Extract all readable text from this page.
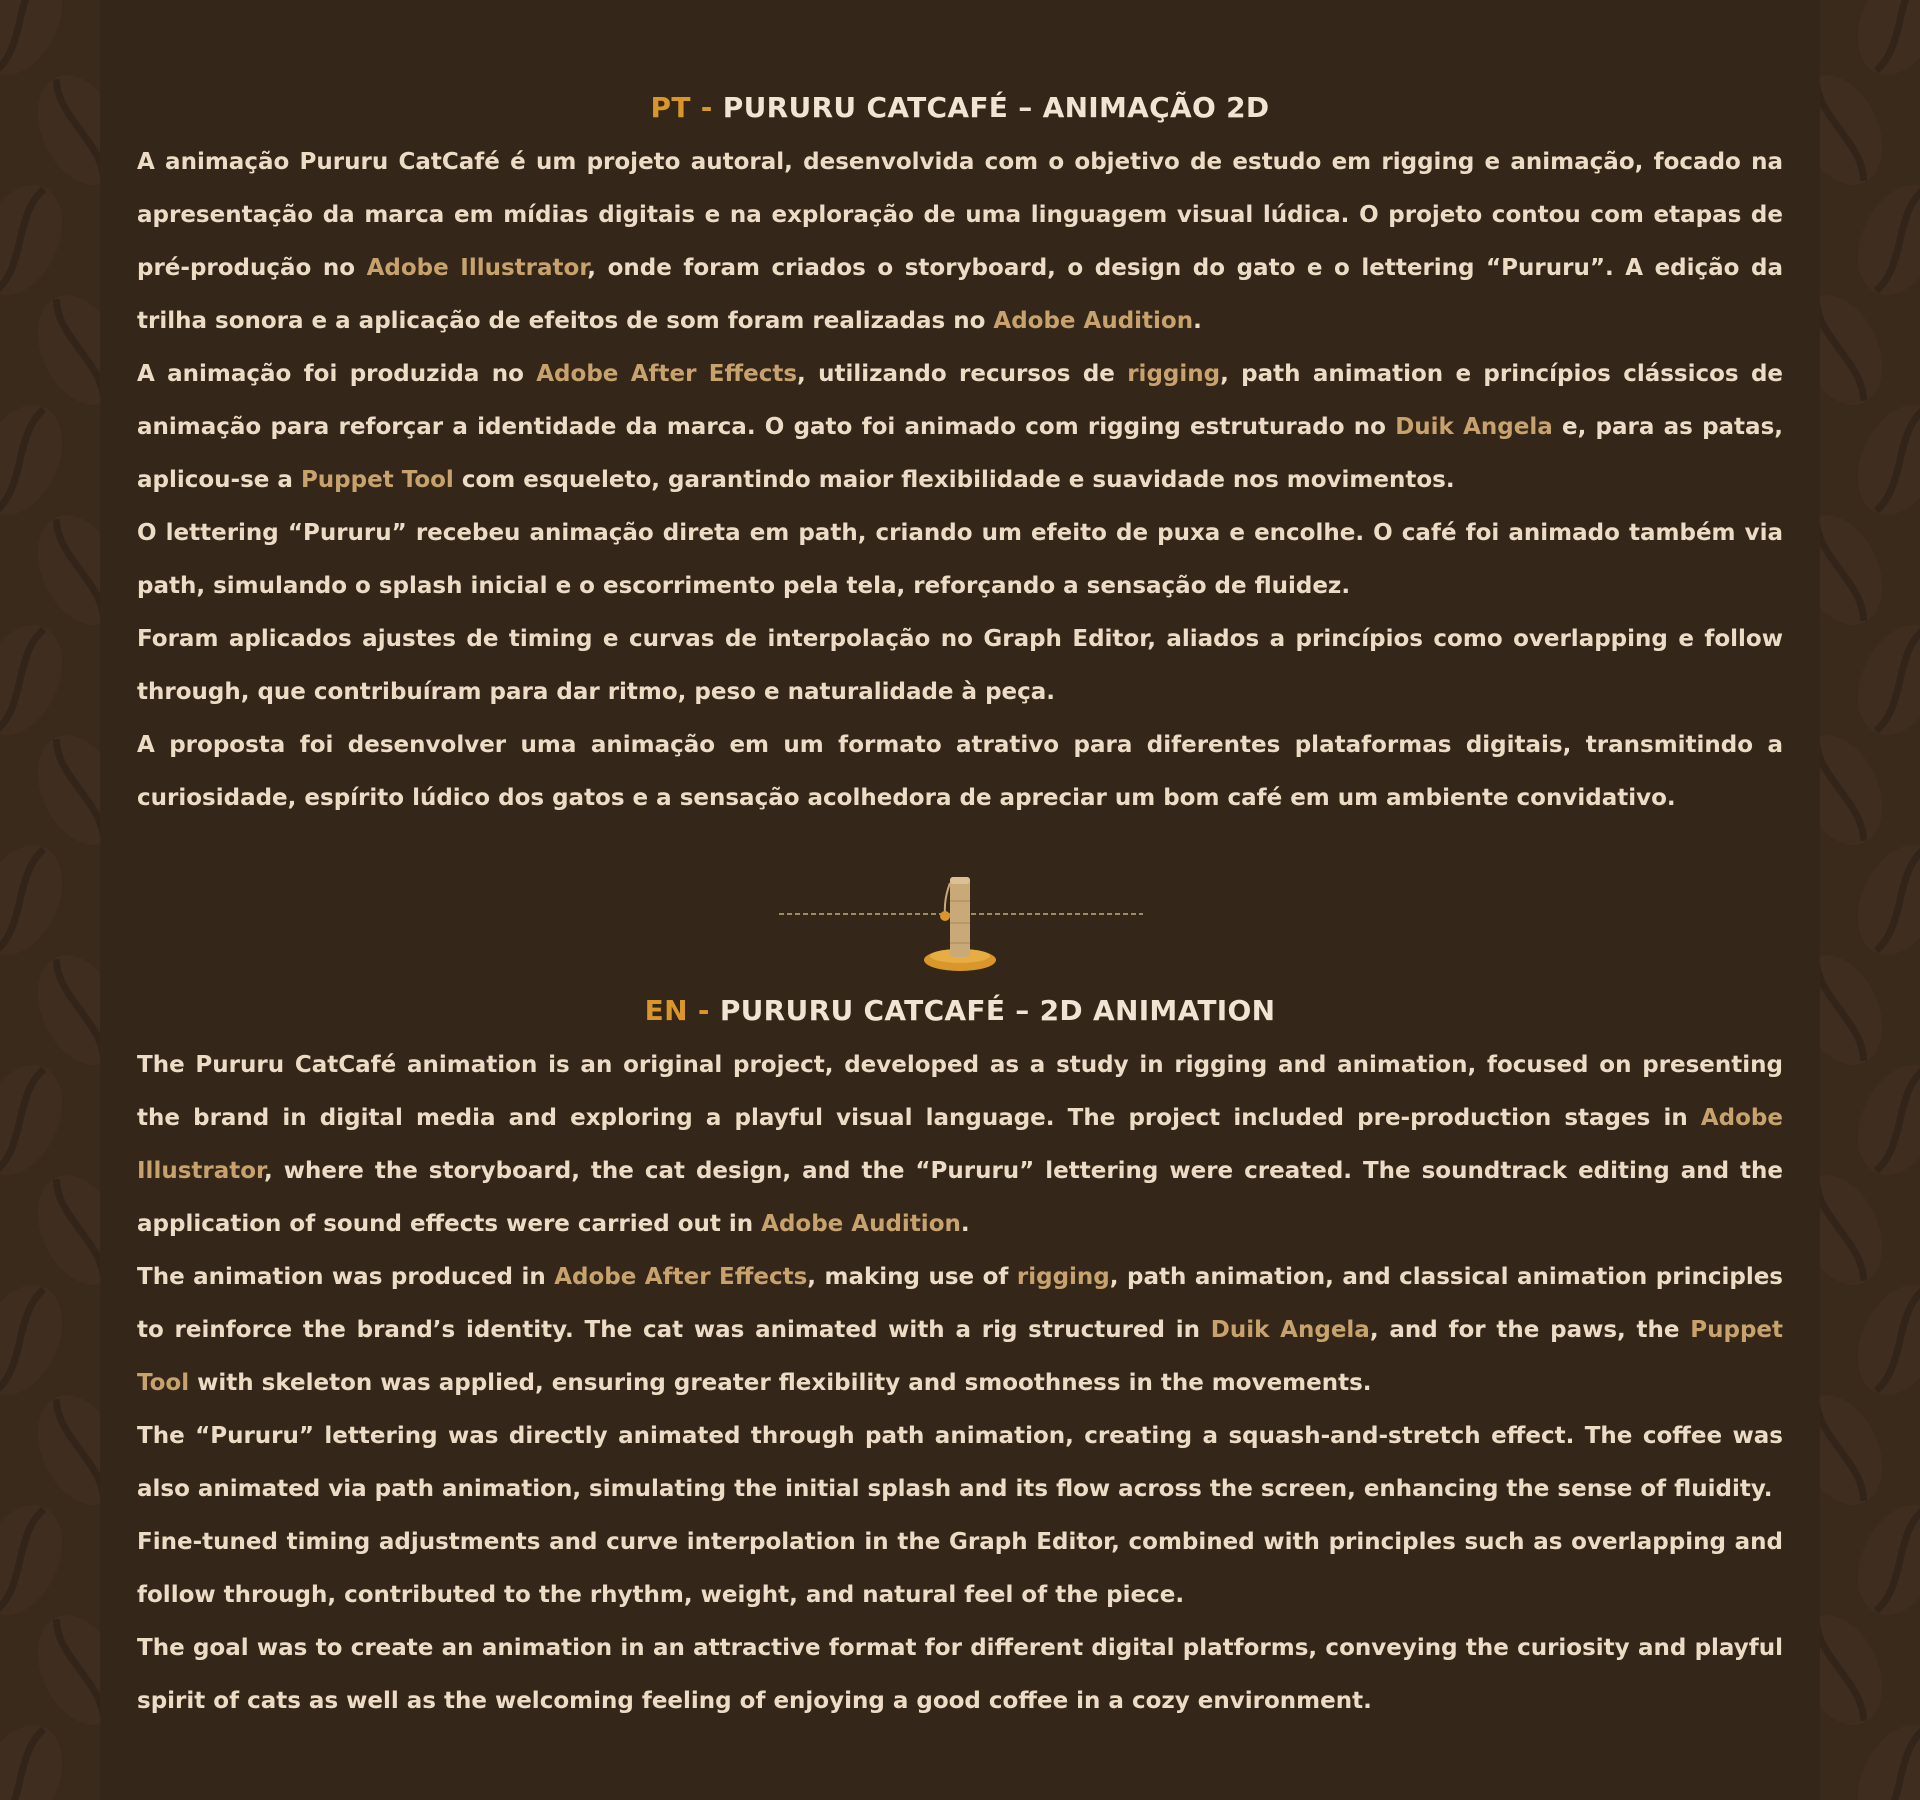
PT - PURURU CATCAFÉ – ANIMAÇÃO 2D

A animação Pururu CatCafé é um projeto autoral, desenvolvida com o objetivo de estudo em rigging e animação, focado na apresentação da marca em mídias digitais e na exploração de uma linguagem visual lúdica. O projeto contou com etapas de pré-produção no Adobe Illustrator, onde foram criados o storyboard, o design do gato e o lettering “Pururu”. A edição da trilha sonora e a aplicação de efeitos de som foram realizadas no Adobe Audition.

A animação foi produzida no Adobe After Effects, utilizando recursos de rigging, path animation e princípios clássicos de animação para reforçar a identidade da marca. O gato foi animado com rigging estruturado no Duik Angela e, para as patas, aplicou-se a Puppet Tool com esqueleto, garantindo maior flexibilidade e suavidade nos movimentos.

O lettering “Pururu” recebeu animação direta em path, criando um efeito de puxa e encolhe. O café foi animado também via path, simulando o splash inicial e o escorrimento pela tela, reforçando a sensação de fluidez.

Foram aplicados ajustes de timing e curvas de interpolação no Graph Editor, aliados a princípios como overlapping e follow through, que contribuíram para dar ritmo, peso e naturalidade à peça.

A proposta foi desenvolver uma animação em um formato atrativo para diferentes plataformas digitais, transmitindo a curiosidade, espírito lúdico dos gatos e a sensação acolhedora de apreciar um bom café em um ambiente convidativo.

EN - PURURU CATCAFÉ – 2D ANIMATION

The Pururu CatCafé animation is an original project, developed as a study in rigging and animation, focused on presenting the brand in digital media and exploring a playful visual language. The project included pre-production stages in Adobe Illustrator, where the storyboard, the cat design, and the “Pururu” lettering were created. The soundtrack editing and the application of sound effects were carried out in Adobe Audition.

The animation was produced in Adobe After Effects, making use of rigging, path animation, and classical animation principles to reinforce the brand’s identity. The cat was animated with a rig structured in Duik Angela, and for the paws, the Puppet Tool with skeleton was applied, ensuring greater flexibility and smoothness in the movements.

The “Pururu” lettering was directly animated through path animation, creating a squash-and-stretch effect. The coffee was also animated via path animation, simulating the initial splash and its flow across the screen, enhancing the sense of fluidity.

Fine-tuned timing adjustments and curve interpolation in the Graph Editor, combined with principles such as overlapping and follow through, contributed to the rhythm, weight, and natural feel of the piece.

The goal was to create an animation in an attractive format for different digital platforms, conveying the curiosity and playful spirit of cats as well as the welcoming feeling of enjoying a good coffee in a cozy environment.
